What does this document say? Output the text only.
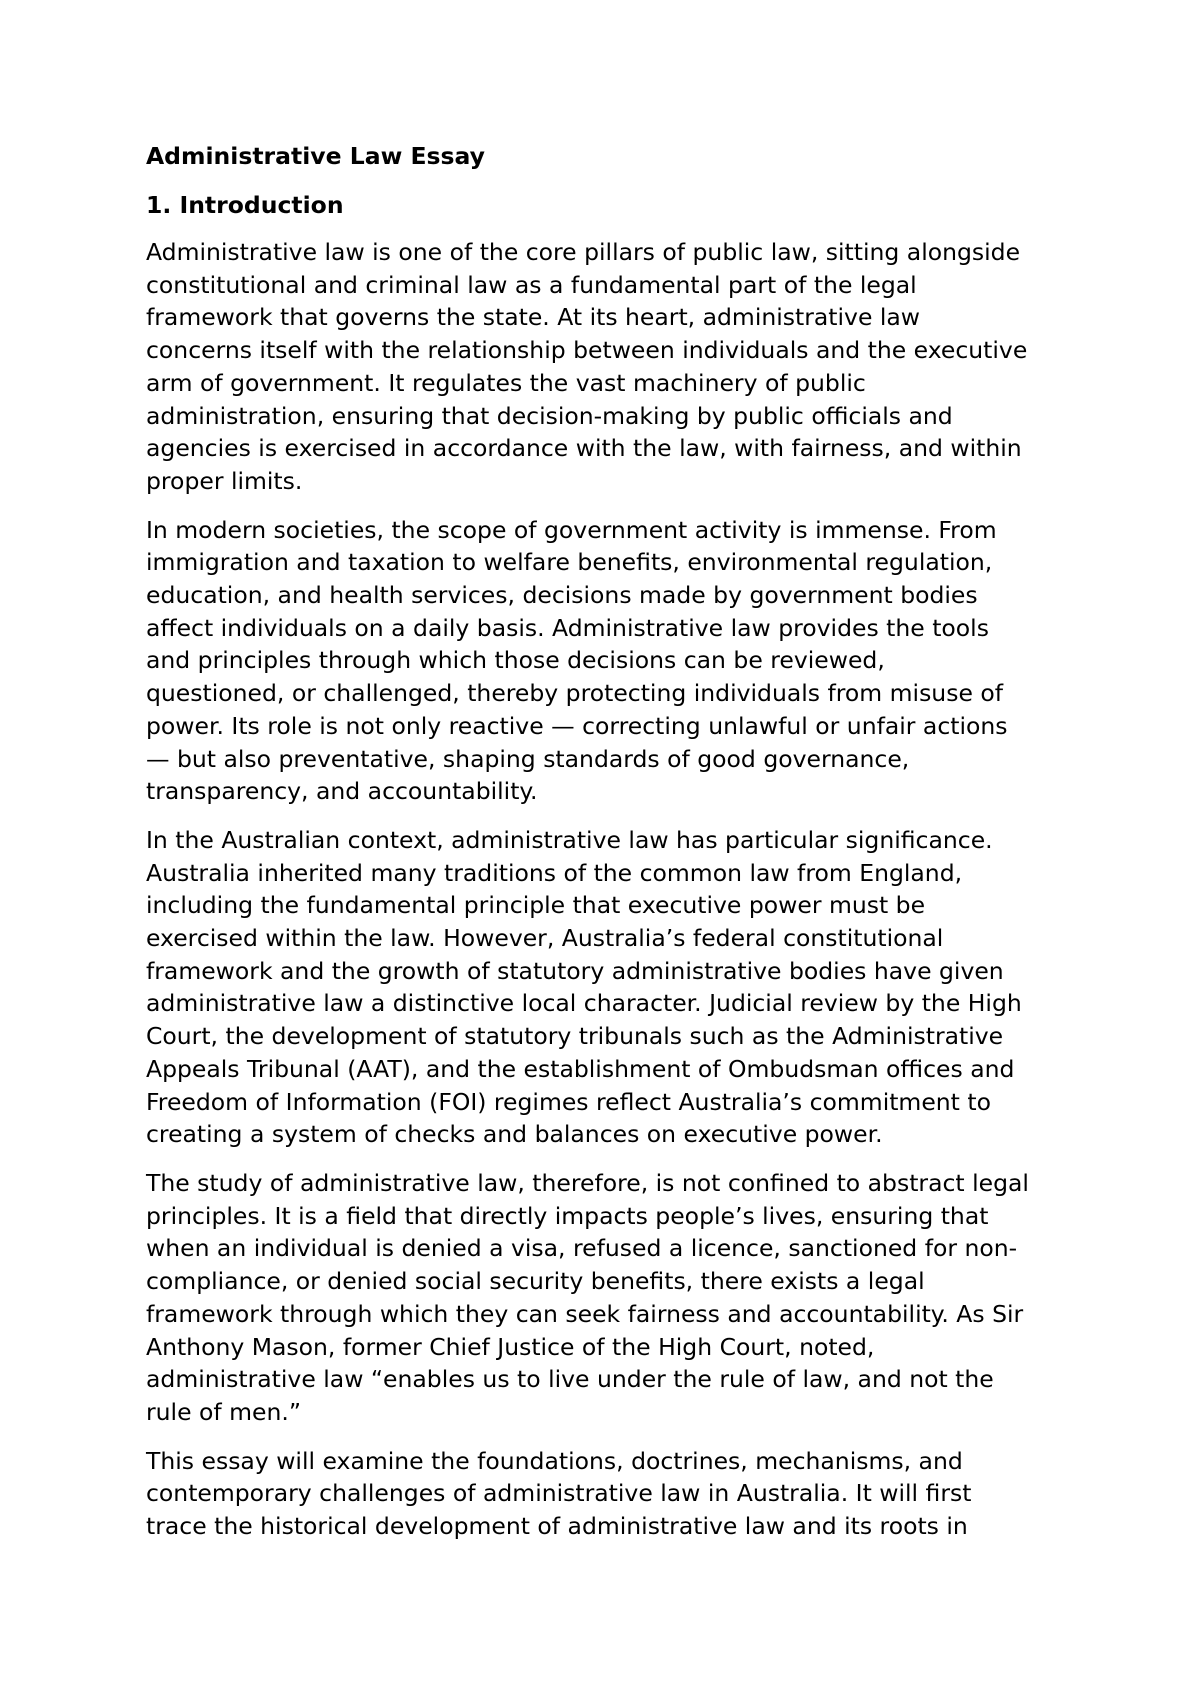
Administrative Law Essay
1. Introduction

Administrative law is one of the core pillars of public law, sitting alongside
constitutional and criminal law as a fundamental part of the legal
framework that governs the state. At its heart, administrative law
concerns itself with the relationship between individuals and the executive
arm of government. It regulates the vast machinery of public
administration, ensuring that decision-making by public officials and
agencies is exercised in accordance with the law, with fairness, and within
proper limits.

In modern societies, the scope of government activity is immense. From
immigration and taxation to welfare benefits, environmental regulation,
education, and health services, decisions made by government bodies
affect individuals on a daily basis. Administrative law provides the tools
and principles through which those decisions can be reviewed,
questioned, or challenged, thereby protecting individuals from misuse of
power. Its role is not only reactive — correcting unlawful or unfair actions
— but also preventative, shaping standards of good governance,
transparency, and accountability.

In the Australian context, administrative law has particular significance.
Australia inherited many traditions of the common law from England,
including the fundamental principle that executive power must be
exercised within the law. However, Australia’s federal constitutional
framework and the growth of statutory administrative bodies have given
administrative law a distinctive local character. Judicial review by the High
Court, the development of statutory tribunals such as the Administrative
Appeals Tribunal (AAT), and the establishment of Ombudsman offices and
Freedom of Information (FOI) regimes reflect Australia’s commitment to
creating a system of checks and balances on executive power.

The study of administrative law, therefore, is not confined to abstract legal
principles. It is a field that directly impacts people’s lives, ensuring that
when an individual is denied a visa, refused a licence, sanctioned for non-
compliance, or denied social security benefits, there exists a legal
framework through which they can seek fairness and accountability. As Sir
Anthony Mason, former Chief Justice of the High Court, noted,
administrative law “enables us to live under the rule of law, and not the
rule of men.”

This essay will examine the foundations, doctrines, mechanisms, and
contemporary challenges of administrative law in Australia. It will first
trace the historical development of administrative law and its roots in
